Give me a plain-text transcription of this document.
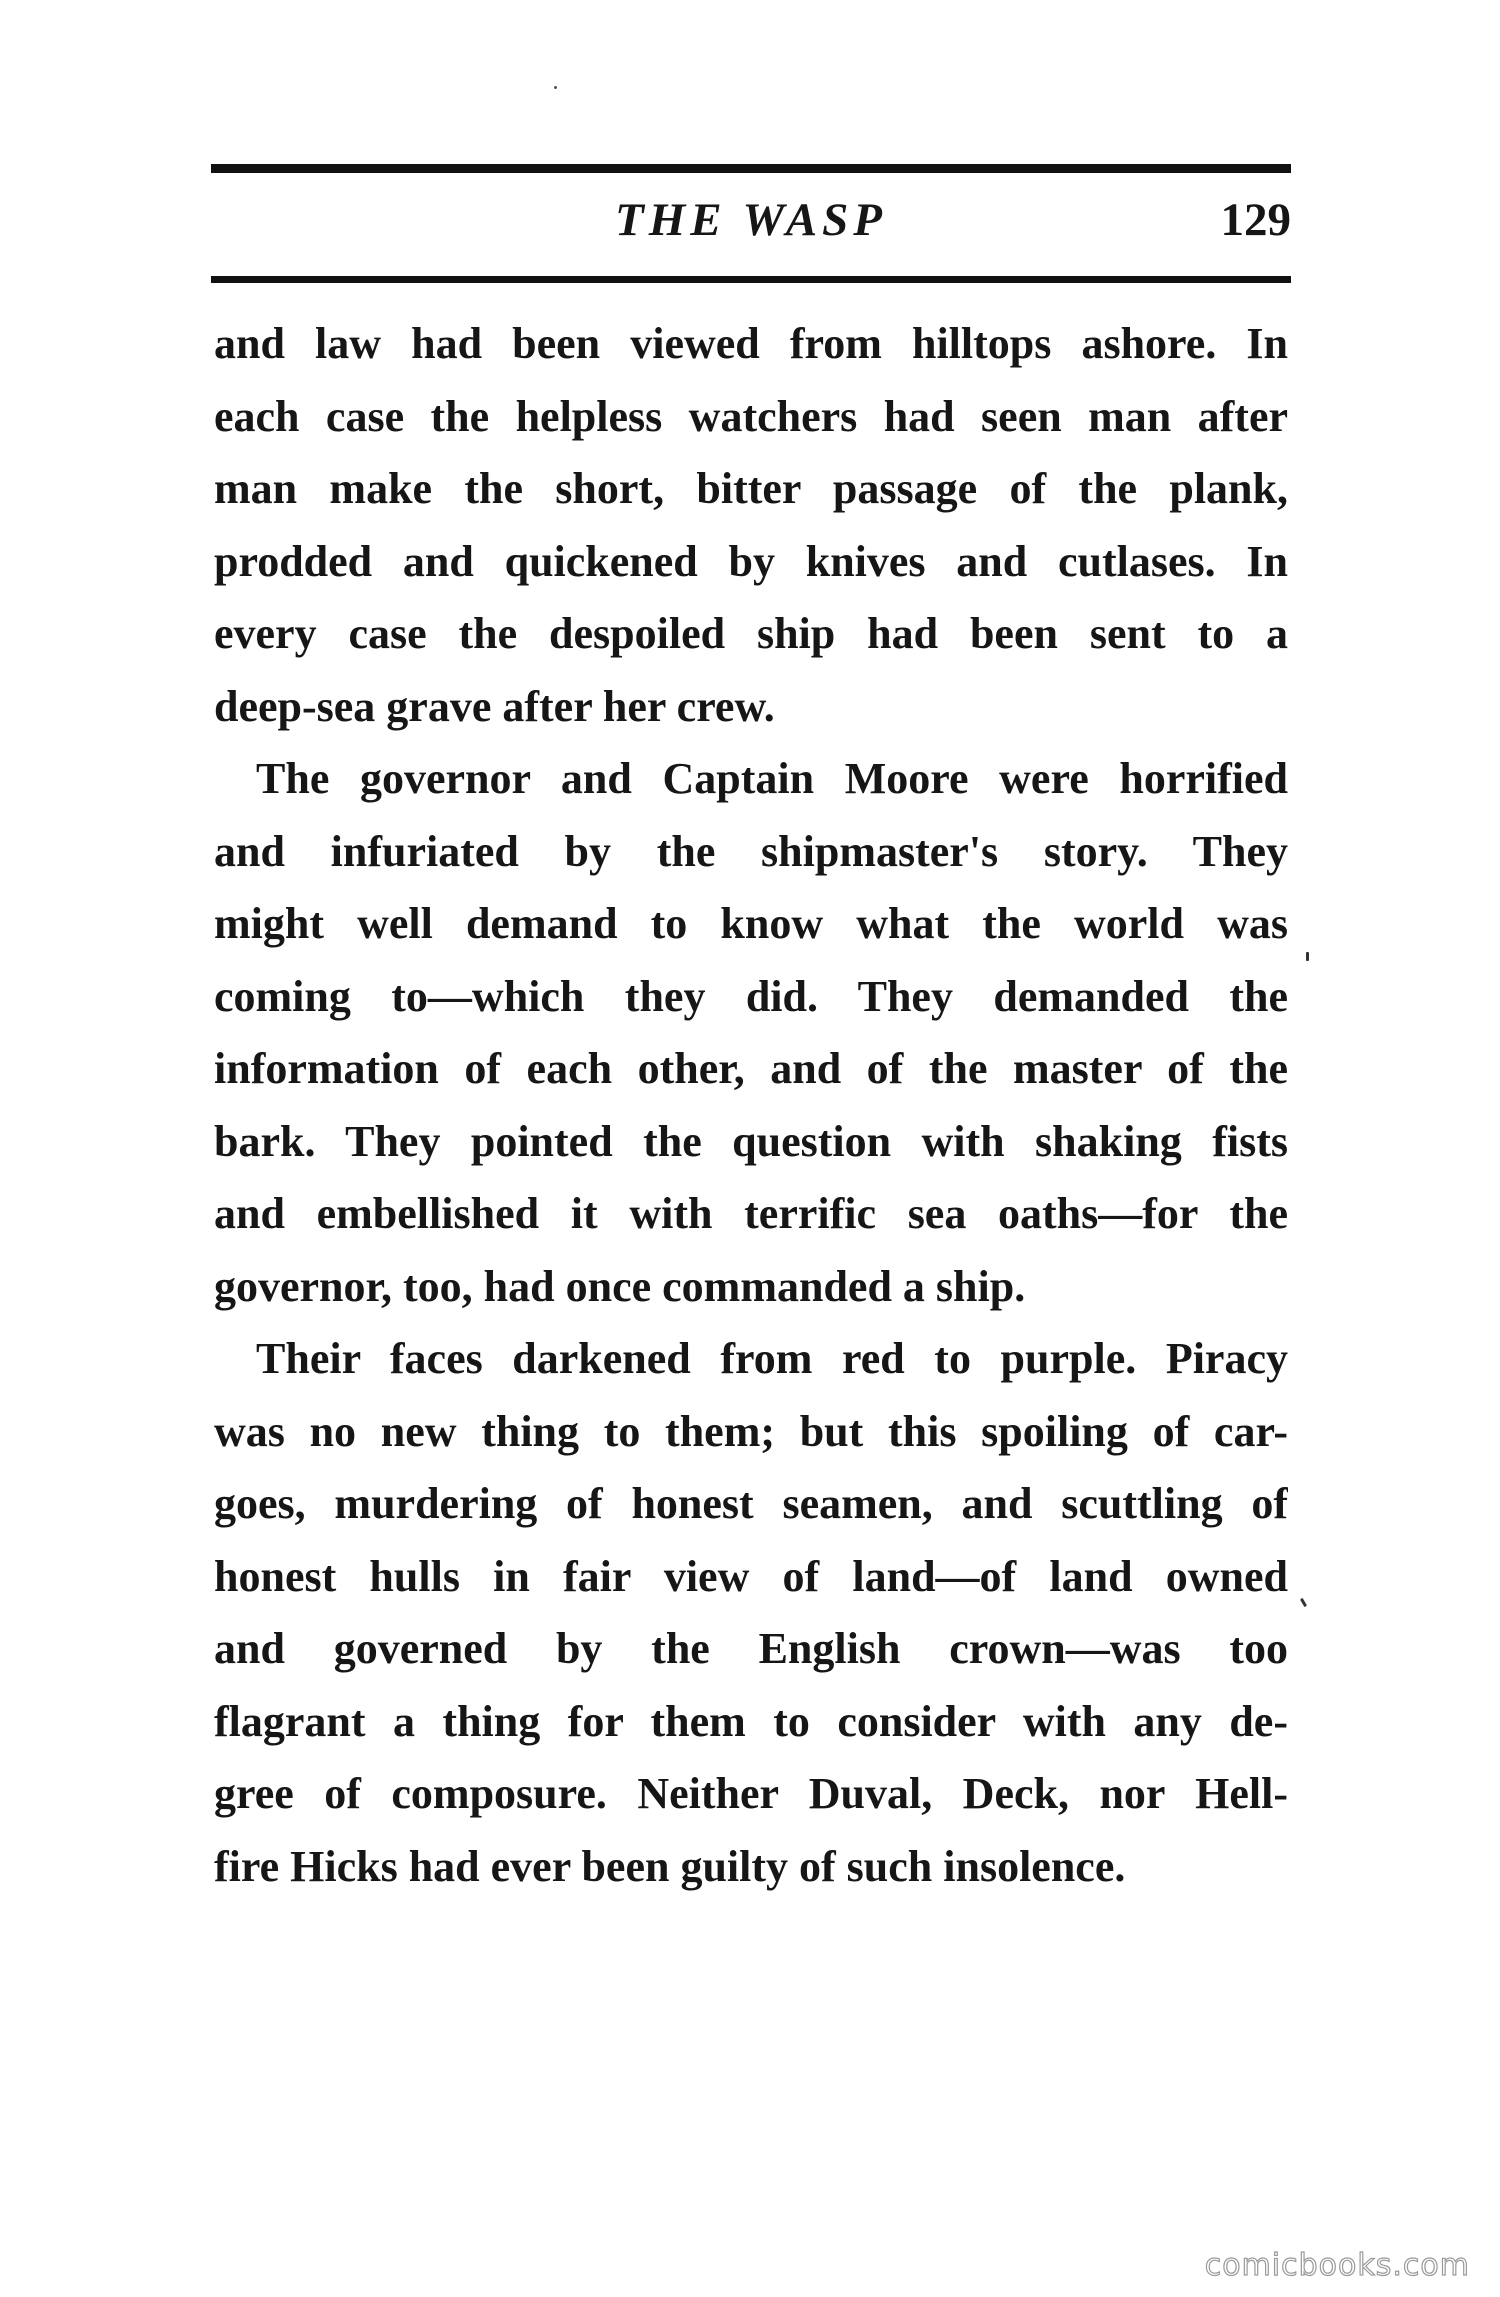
THE WASP	129
and law had been viewed from hilltops ashore. In
each case the helpless watchers had seen man after
man make the short, bitter passage of the plank,
prodded and quickened by knives and cutlases. In
every case the despoiled ship had been sent to a
deep-sea grave after her crew.
The governor and Captain Moore were horrified
and infuriated by the shipmaster's story. They
might well demand to know what the world was
coming to—which they did. They demanded the
information of each other, and of the master of the
bark. They pointed the question with shaking fists
and embellished it with terrific sea oaths—for the
governor, too, had once commanded a ship.
Their faces darkened from red to purple. Piracy
was no new thing to them; but this spoiling of car-
goes, murdering of honest seamen, and scuttling of
honest hulls in fair view of land—of land owned
and governed by the English crown—was too
flagrant a thing for them to consider with any de-
gree of composure. Neither Duval, Deck, nor Hell-
fire Hicks had ever been guilty of such insolence.
comicbooks.com
